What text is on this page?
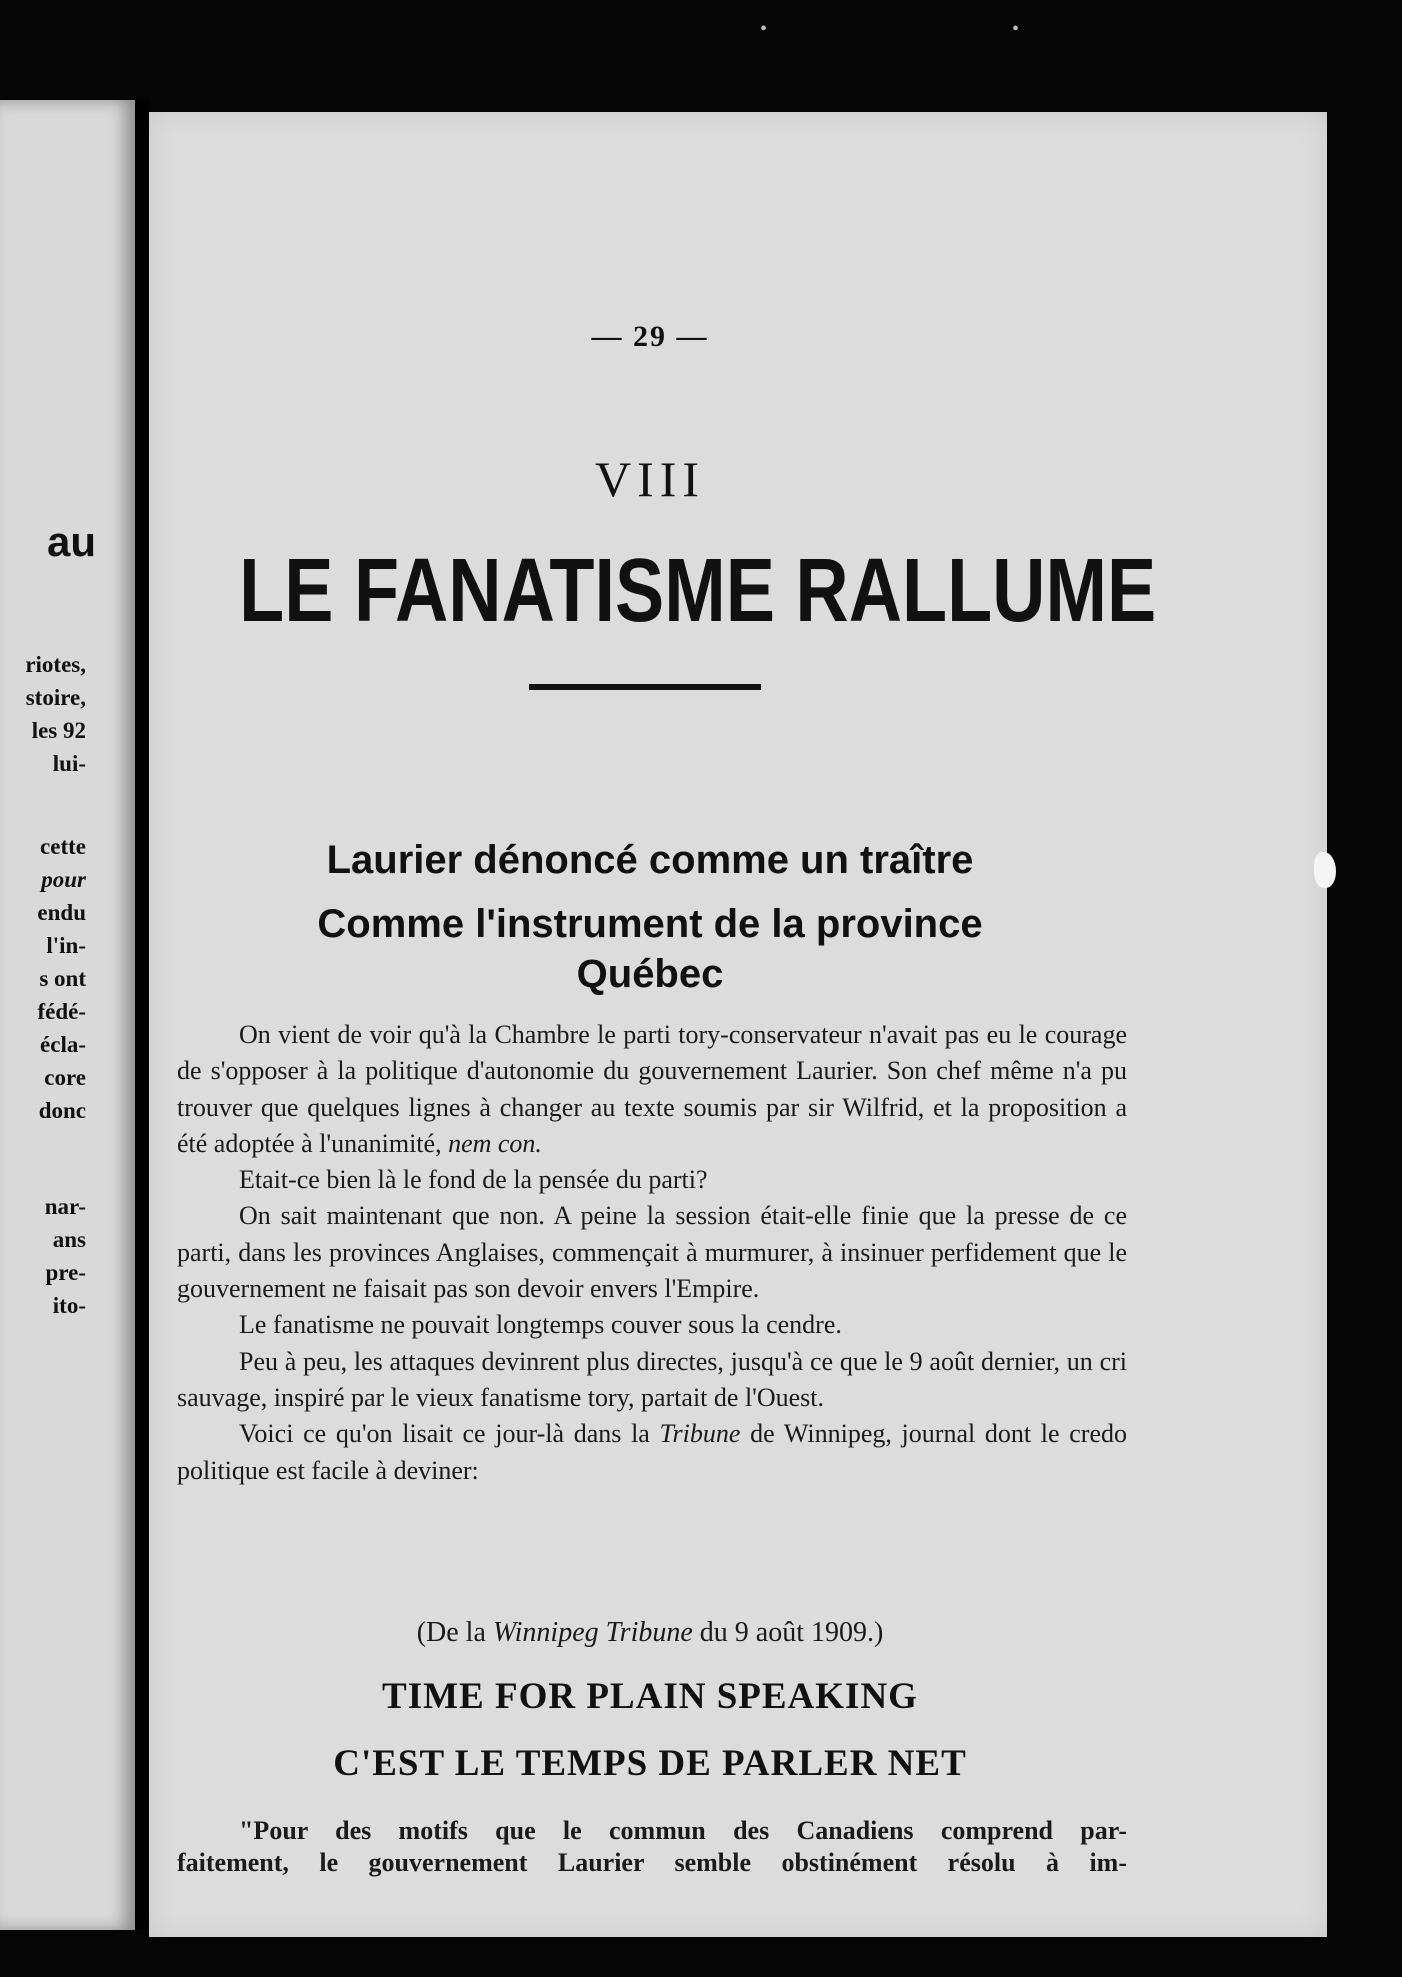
• •
au
riotes,
stoire,
les 92
lui-
cette
pour
endu
l'in-
s ont
fédé-
écla-
core
donc
nar-
ans
pre-
ito-
— 29 —
VIII
LE FANATISME RALLUME
Laurier dénoncé comme un traître
Comme l'instrument de la province
Québec

On vient de voir qu'à la Chambre le parti tory-conservateur n'avait pas eu le courage de s'opposer à la politique d'autonomie du gouvernement Laurier. Son chef même n'a pu trouver que quelques lignes à changer au texte soumis par sir Wilfrid, et la proposition a été adoptée à l'unanimité, nem con.

Etait-ce bien là le fond de la pensée du parti?

On sait maintenant que non. A peine la session était-elle finie que la presse de ce parti, dans les provinces Anglaises, commençait à murmurer, à insinuer perfidement que le gouvernement ne faisait pas son devoir envers l'Empire.

Le fanatisme ne pouvait longtemps couver sous la cendre.

Peu à peu, les attaques devinrent plus directes, jusqu'à ce que le 9 août dernier, un cri sauvage, inspiré par le vieux fanatisme tory, partait de l'Ouest.

Voici ce qu'on lisait ce jour-là dans la Tribune de Winnipeg, journal dont le credo politique est facile à deviner:

(De la Winnipeg Tribune du 9 août 1909.)
TIME FOR PLAIN SPEAKING
C'EST LE TEMPS DE PARLER NET

"Pour des motifs que le commun des Canadiens comprend par-

faitement, le gouvernement Laurier semble obstinément résolu à im-
